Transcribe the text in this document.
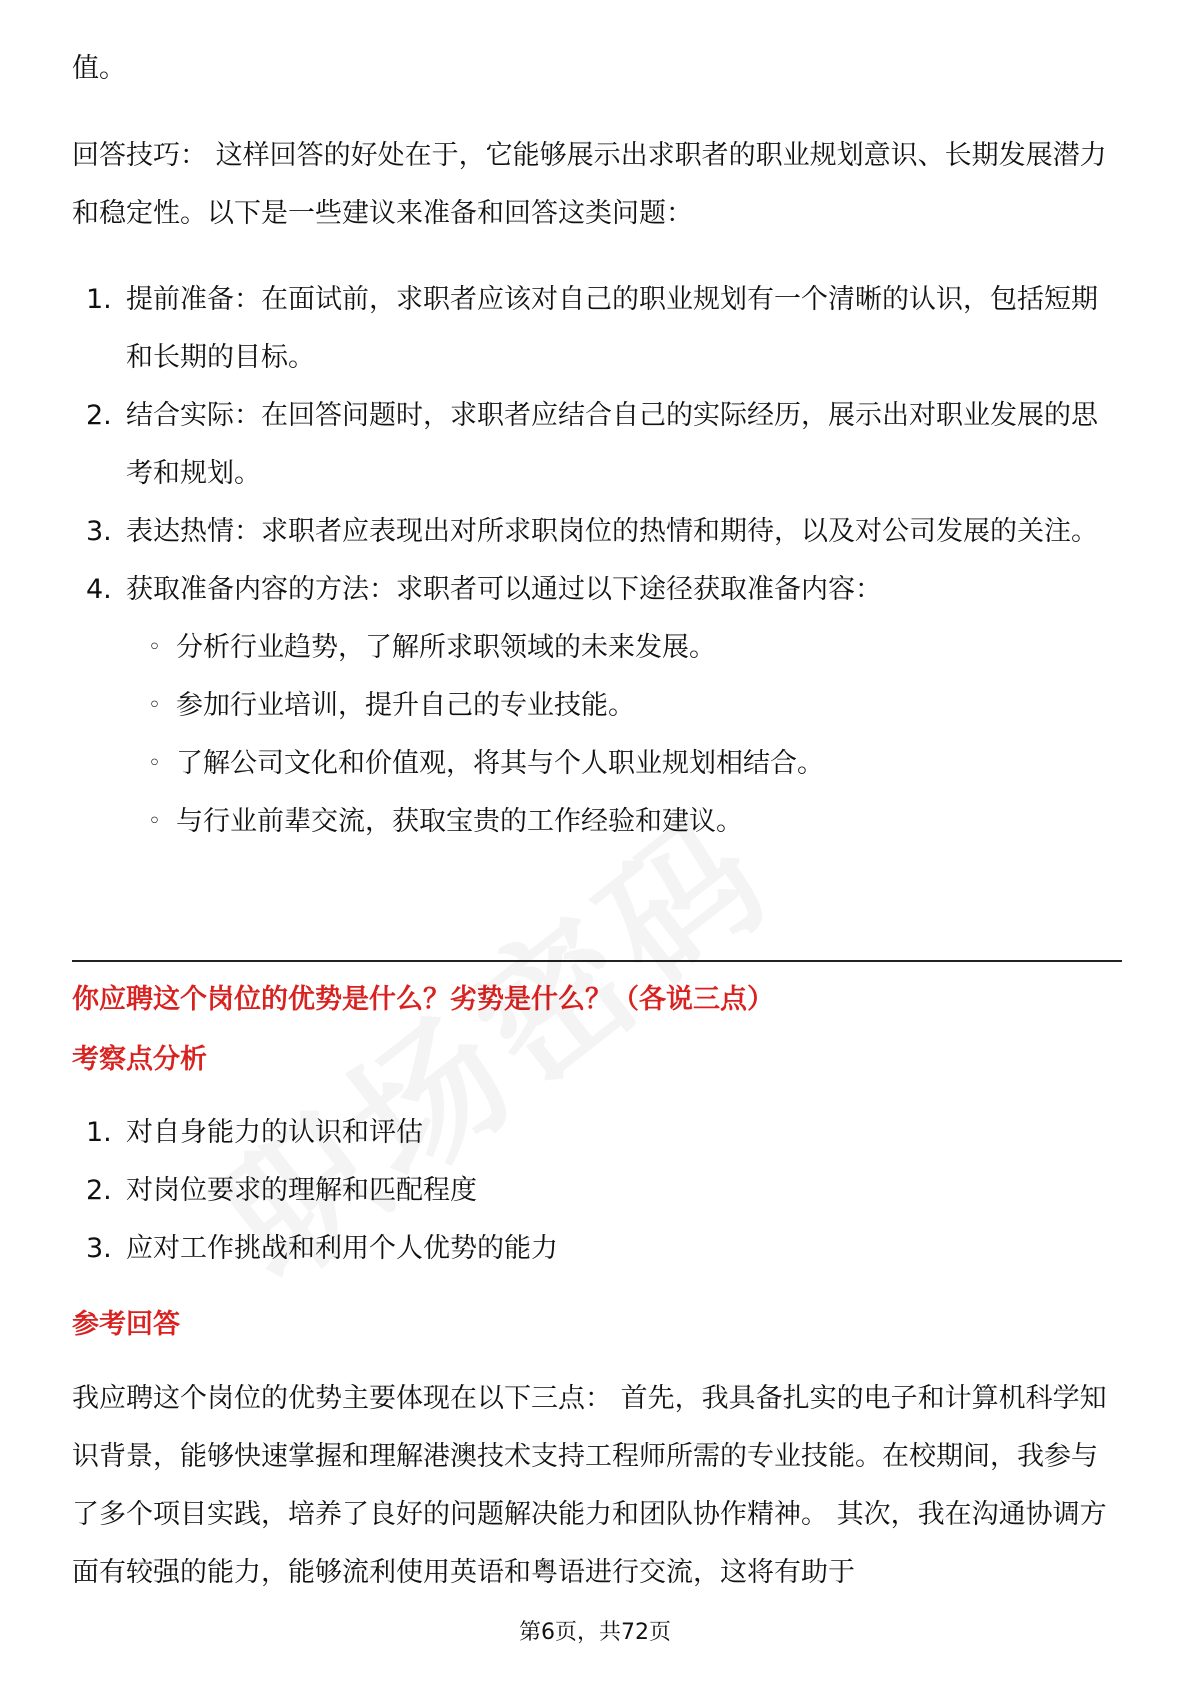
值。

回答技巧： 这样回答的好处在于，它能够展示出求职者的职业规划意识、长期发展潜力和稳定性。以下是一些建议来准备和回答这类问题：

1. 提前准备：在面试前，求职者应该对自己的职业规划有一个清晰的认识，包括短期和长期的目标。
2. 结合实际：在回答问题时，求职者应结合自己的实际经历，展示出对职业发展的思考和规划。
3. 表达热情：求职者应表现出对所求职岗位的热情和期待，以及对公司发展的关注。
4. 获取准备内容的方法：求职者可以通过以下途径获取准备内容：
◦ 分析行业趋势，了解所求职领域的未来发展。
◦ 参加行业培训，提升自己的专业技能。
◦ 了解公司文化和价值观，将其与个人职业规划相结合。
◦ 与行业前辈交流，获取宝贵的工作经验和建议。
你应聘这个岗位的优势是什么？劣势是什么？（各说三点）
考察点分析
1. 对自身能力的认识和评估
2. 对岗位要求的理解和匹配程度
3. 应对工作挑战和利用个人优势的能力
参考回答

我应聘这个岗位的优势主要体现在以下三点： 首先，我具备扎实的电子和计算机科学知识背景，能够快速掌握和理解港澳技术支持工程师所需的专业技能。在校期间，我参与了多个项目实践，培养了良好的问题解决能力和团队协作精神。 其次，我在沟通协调方面有较强的能力，能够流利使用英语和粤语进行交流，这将有助于

第6页，共72页
